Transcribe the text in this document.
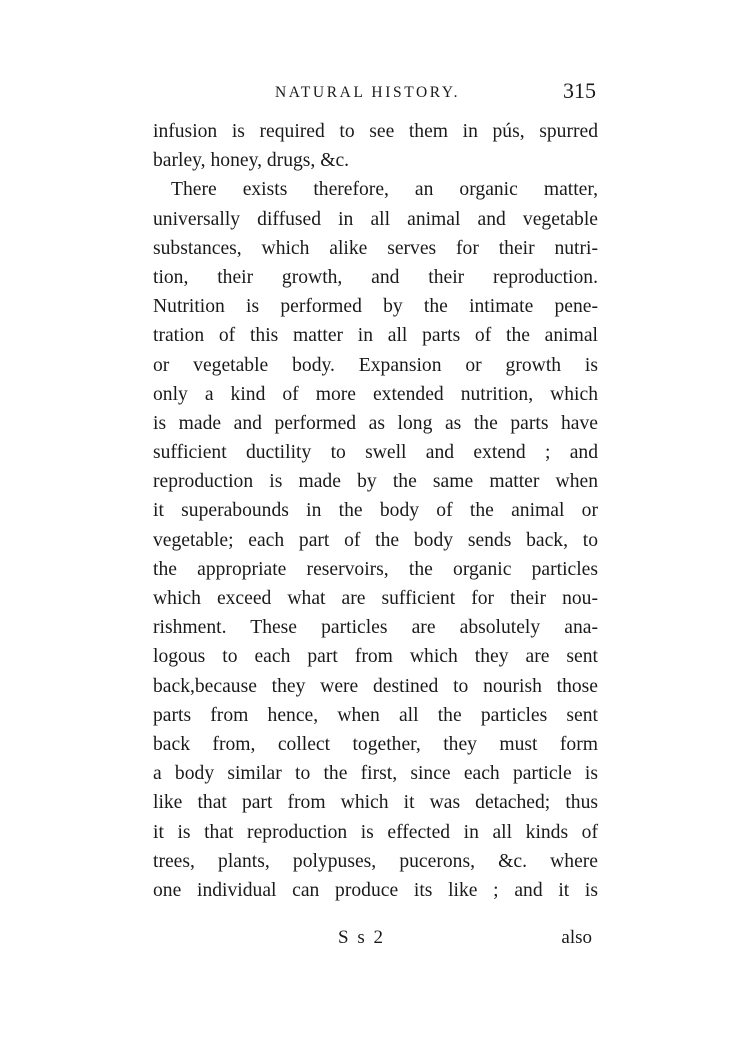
NATURAL HISTORY.	315
infusion is required to see them in pús, spurred
barley, honey, drugs, &c.
There exists therefore, an organic matter,
universally diffused in all animal and vegetable
substances, which alike serves for their nutri-
tion, their growth, and their reproduction.
Nutrition is performed by the intimate pene-
tration of this matter in all parts of the animal
or vegetable body. Expansion or growth is
only a kind of more extended nutrition, which
is made and performed as long as the parts have
sufficient ductility to swell and extend ; and
reproduction is made by the same matter when
it superabounds in the body of the animal or
vegetable; each part of the body sends back, to
the appropriate reservoirs, the organic particles
which exceed what are sufficient for their nou-
rishment. These particles are absolutely ana-
logous to each part from which they are sent
back,because they were destined to nourish those
parts from hence, when all the particles sent
back from, collect together, they must form
a body similar to the first, since each particle is
like that part from which it was detached; thus
it is that reproduction is effected in all kinds of
trees, plants, polypuses, pucerons, &c. where
one individual can produce its like ; and it is
S s 2	also
